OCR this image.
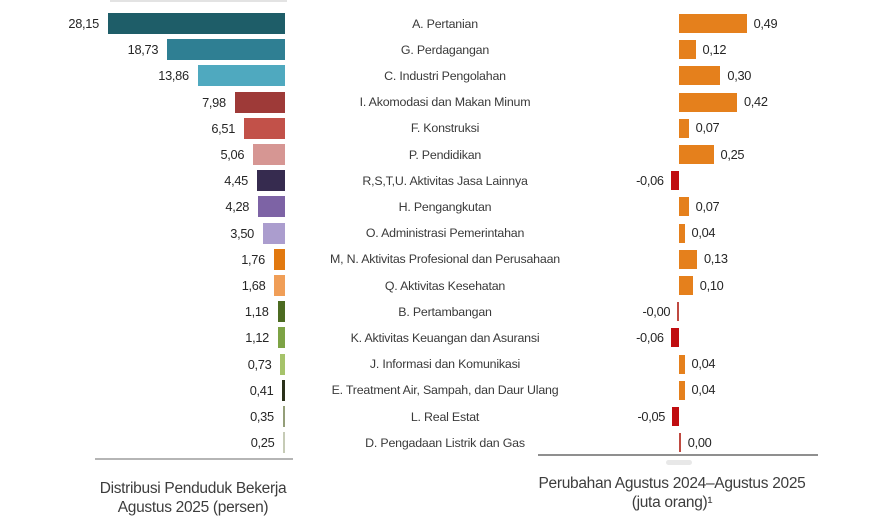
28,15	A. Pertanian	0,49
18,73	G. Perdagangan	0,12
13,86	C. Industri Pengolahan	0,30
7,98	I. Akomodasi dan Makan Minum	0,42
6,51	F. Konstruksi	0,07
5,06	P. Pendidikan	0,25
4,45	R,S,T,U. Aktivitas Jasa Lainnya	-0,06
4,28	H. Pengangkutan	0,07
3,50	O. Administrasi Pemerintahan	0,04
1,76	M, N. Aktivitas Profesional dan Perusahaan	0,13
1,68	Q. Aktivitas Kesehatan	0,10
1,18	B. Pertambangan	-0,00
1,12	K. Aktivitas Keuangan dan Asuransi	-0,06
0,73	J. Informasi dan Komunikasi	0,04
0,41	E. Treatment Air, Sampah, dan Daur Ulang	0,04
0,35	L. Real Estat	-0,05
0,25	D. Pengadaan Listrik dan Gas	0,00
Distribusi Penduduk Bekerja
Agustus 2025 (persen)
Perubahan Agustus 2024–Agustus 2025
(juta orang)¹
